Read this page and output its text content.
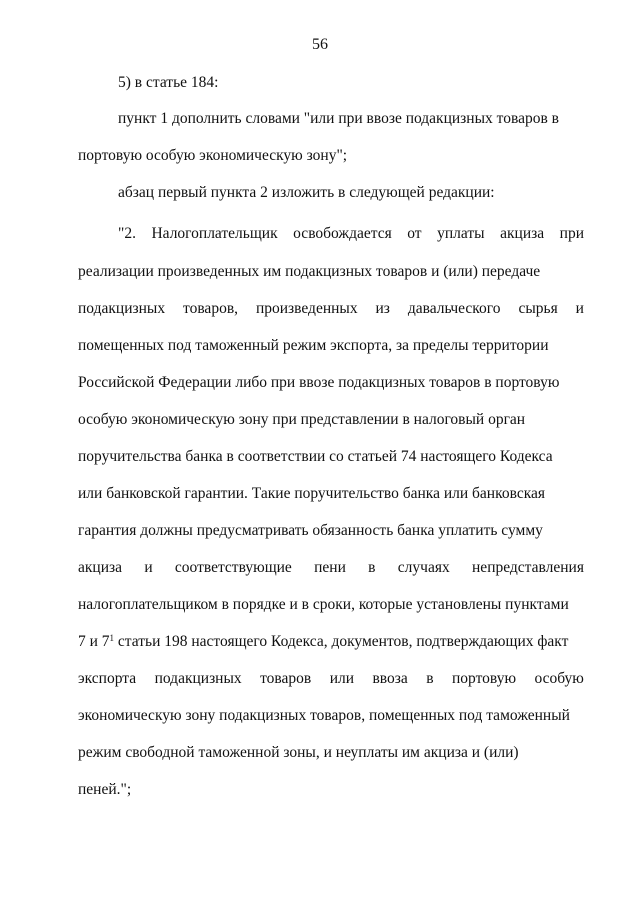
56
5) в статье 184:
пункт 1 дополнить словами "или при ввозе подакцизных товаров в
портовую особую экономическую зону";
абзац первый пункта 2 изложить в следующей редакции:
"2. Налогоплательщик освобождается от уплаты акциза при
реализации произведенных им подакцизных товаров и (или) передаче
подакцизных товаров, произведенных из давальческого сырья и
помещенных под таможенный режим экспорта, за пределы территории
Российской Федерации либо при ввозе подакцизных товаров в портовую
особую экономическую зону при представлении в налоговый орган
поручительства банка в соответствии со статьей 74 настоящего Кодекса
или банковской гарантии. Такие поручительство банка или банковская
гарантия должны предусматривать обязанность банка уплатить сумму
акциза и соответствующие пени в случаях непредставления
налогоплательщиком в порядке и в сроки, которые установлены пунктами
7 и $7^1$ статьи 198 настоящего Кодекса, документов, подтверждающих факт
экспорта подакцизных товаров или ввоза в портовую особую
экономическую зону подакцизных товаров, помещенных под таможенный
режим свободной таможенной зоны, и неуплаты им акциза и (или)
пеней.";
